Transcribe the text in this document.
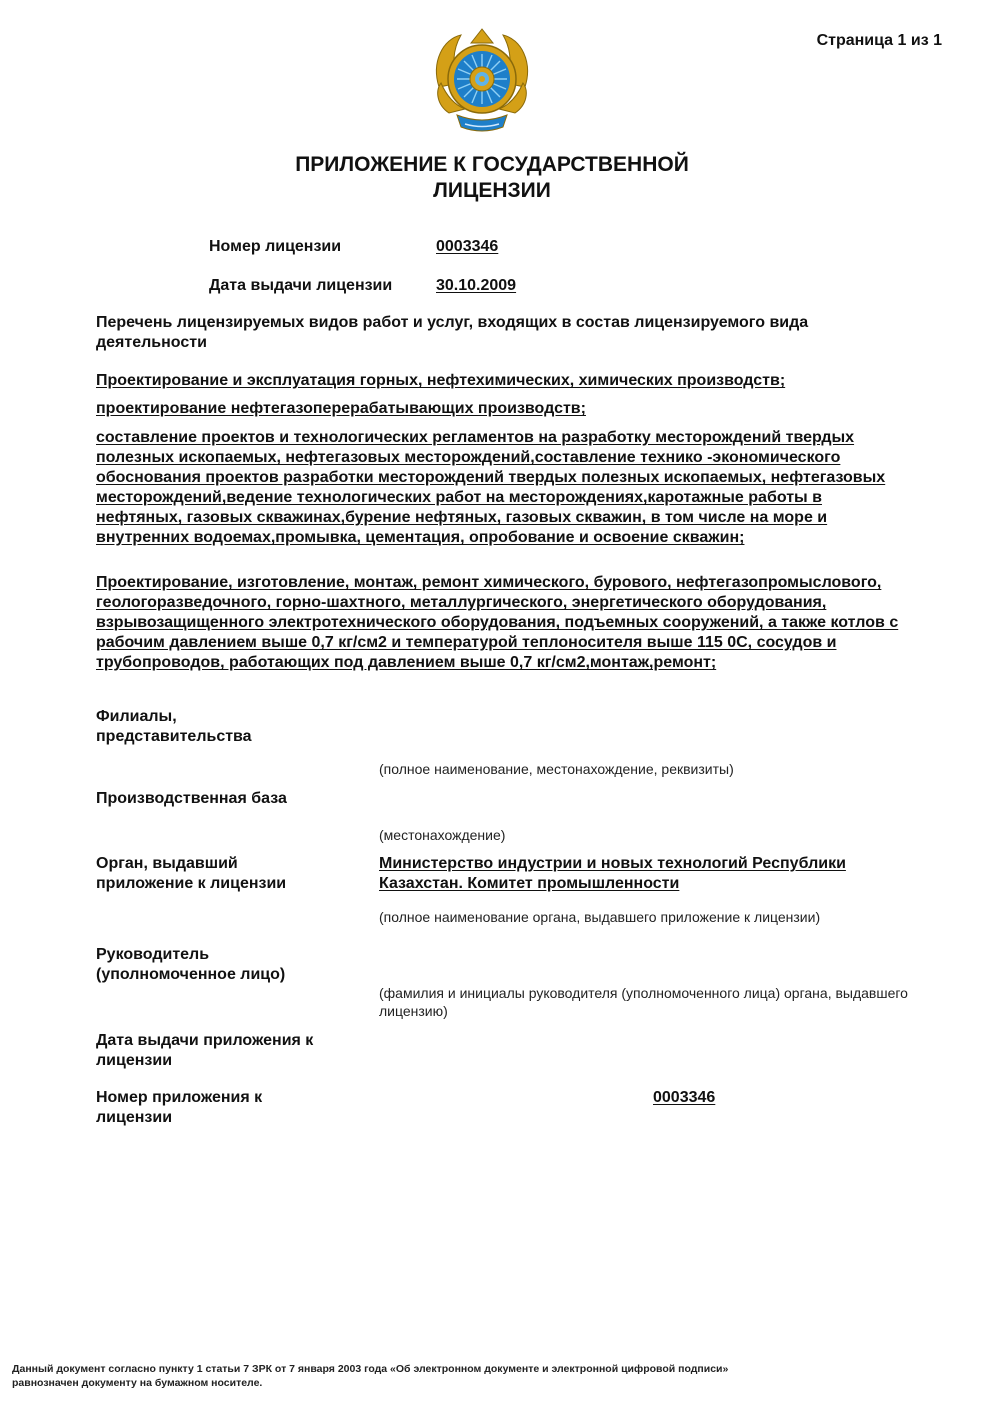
Страница 1 из 1
ПРИЛОЖЕНИЕ К ГОСУДАРСТВЕННОЙ
ЛИЦЕНЗИИ
Номер лицензии	0003346
Дата выдачи лицензии	30.10.2009
Перечень лицензируемых видов работ и услуг, входящих в состав лицензируемого вида деятельности
Проектирование и эксплуатация горных, нефтехимических, химических производств;
проектирование нефтегазоперерабатывающих производств;
составление проектов и технологических регламентов на разработку месторождений твердых полезных ископаемых, нефтегазовых месторождений,составление технико -экономического обоснования проектов разработки месторождений твердых полезных ископаемых, нефтегазовых месторождений,ведение технологических работ на месторождениях,каротажные работы в нефтяных, газовых скважинах,бурение нефтяных, газовых скважин, в том числе на море и внутренних водоемах,промывка, цементация, опробование и освоение скважин;
Проектирование, изготовление, монтаж, ремонт химического, бурового, нефтегазопромыслового, геологоразведочного, горно-шахтного, металлургического, энергетического оборудования, взрывозащищенного электротехнического оборудования, подъемных сооружений, а также котлов с рабочим давлением выше 0,7 кг/см2 и температурой теплоносителя выше 115 0С, сосудов и трубопроводов, работающих под давлением выше 0,7 кг/см2,монтаж,ремонт;
Филиалы, представительства
(полное наименование, местонахождение, реквизиты)
Производственная база
(местонахождение)
Орган, выдавший приложение к лицензии
Министерство индустрии и новых технологий Республики Казахстан. Комитет промышленности
(полное наименование органа, выдавшего приложение к лицензии)
Руководитель (уполномоченное лицо)
(фамилия и инициалы руководителя (уполномоченного лица) органа, выдавшего лицензию)
Дата выдачи приложения к лицензии
Номер приложения к лицензии
0003346
Данный документ согласно пункту 1 статьи 7 ЗРК от 7 января 2003 года «Об электронном документе и электронной цифровой подписи»
равнозначен документу на бумажном носителе.
